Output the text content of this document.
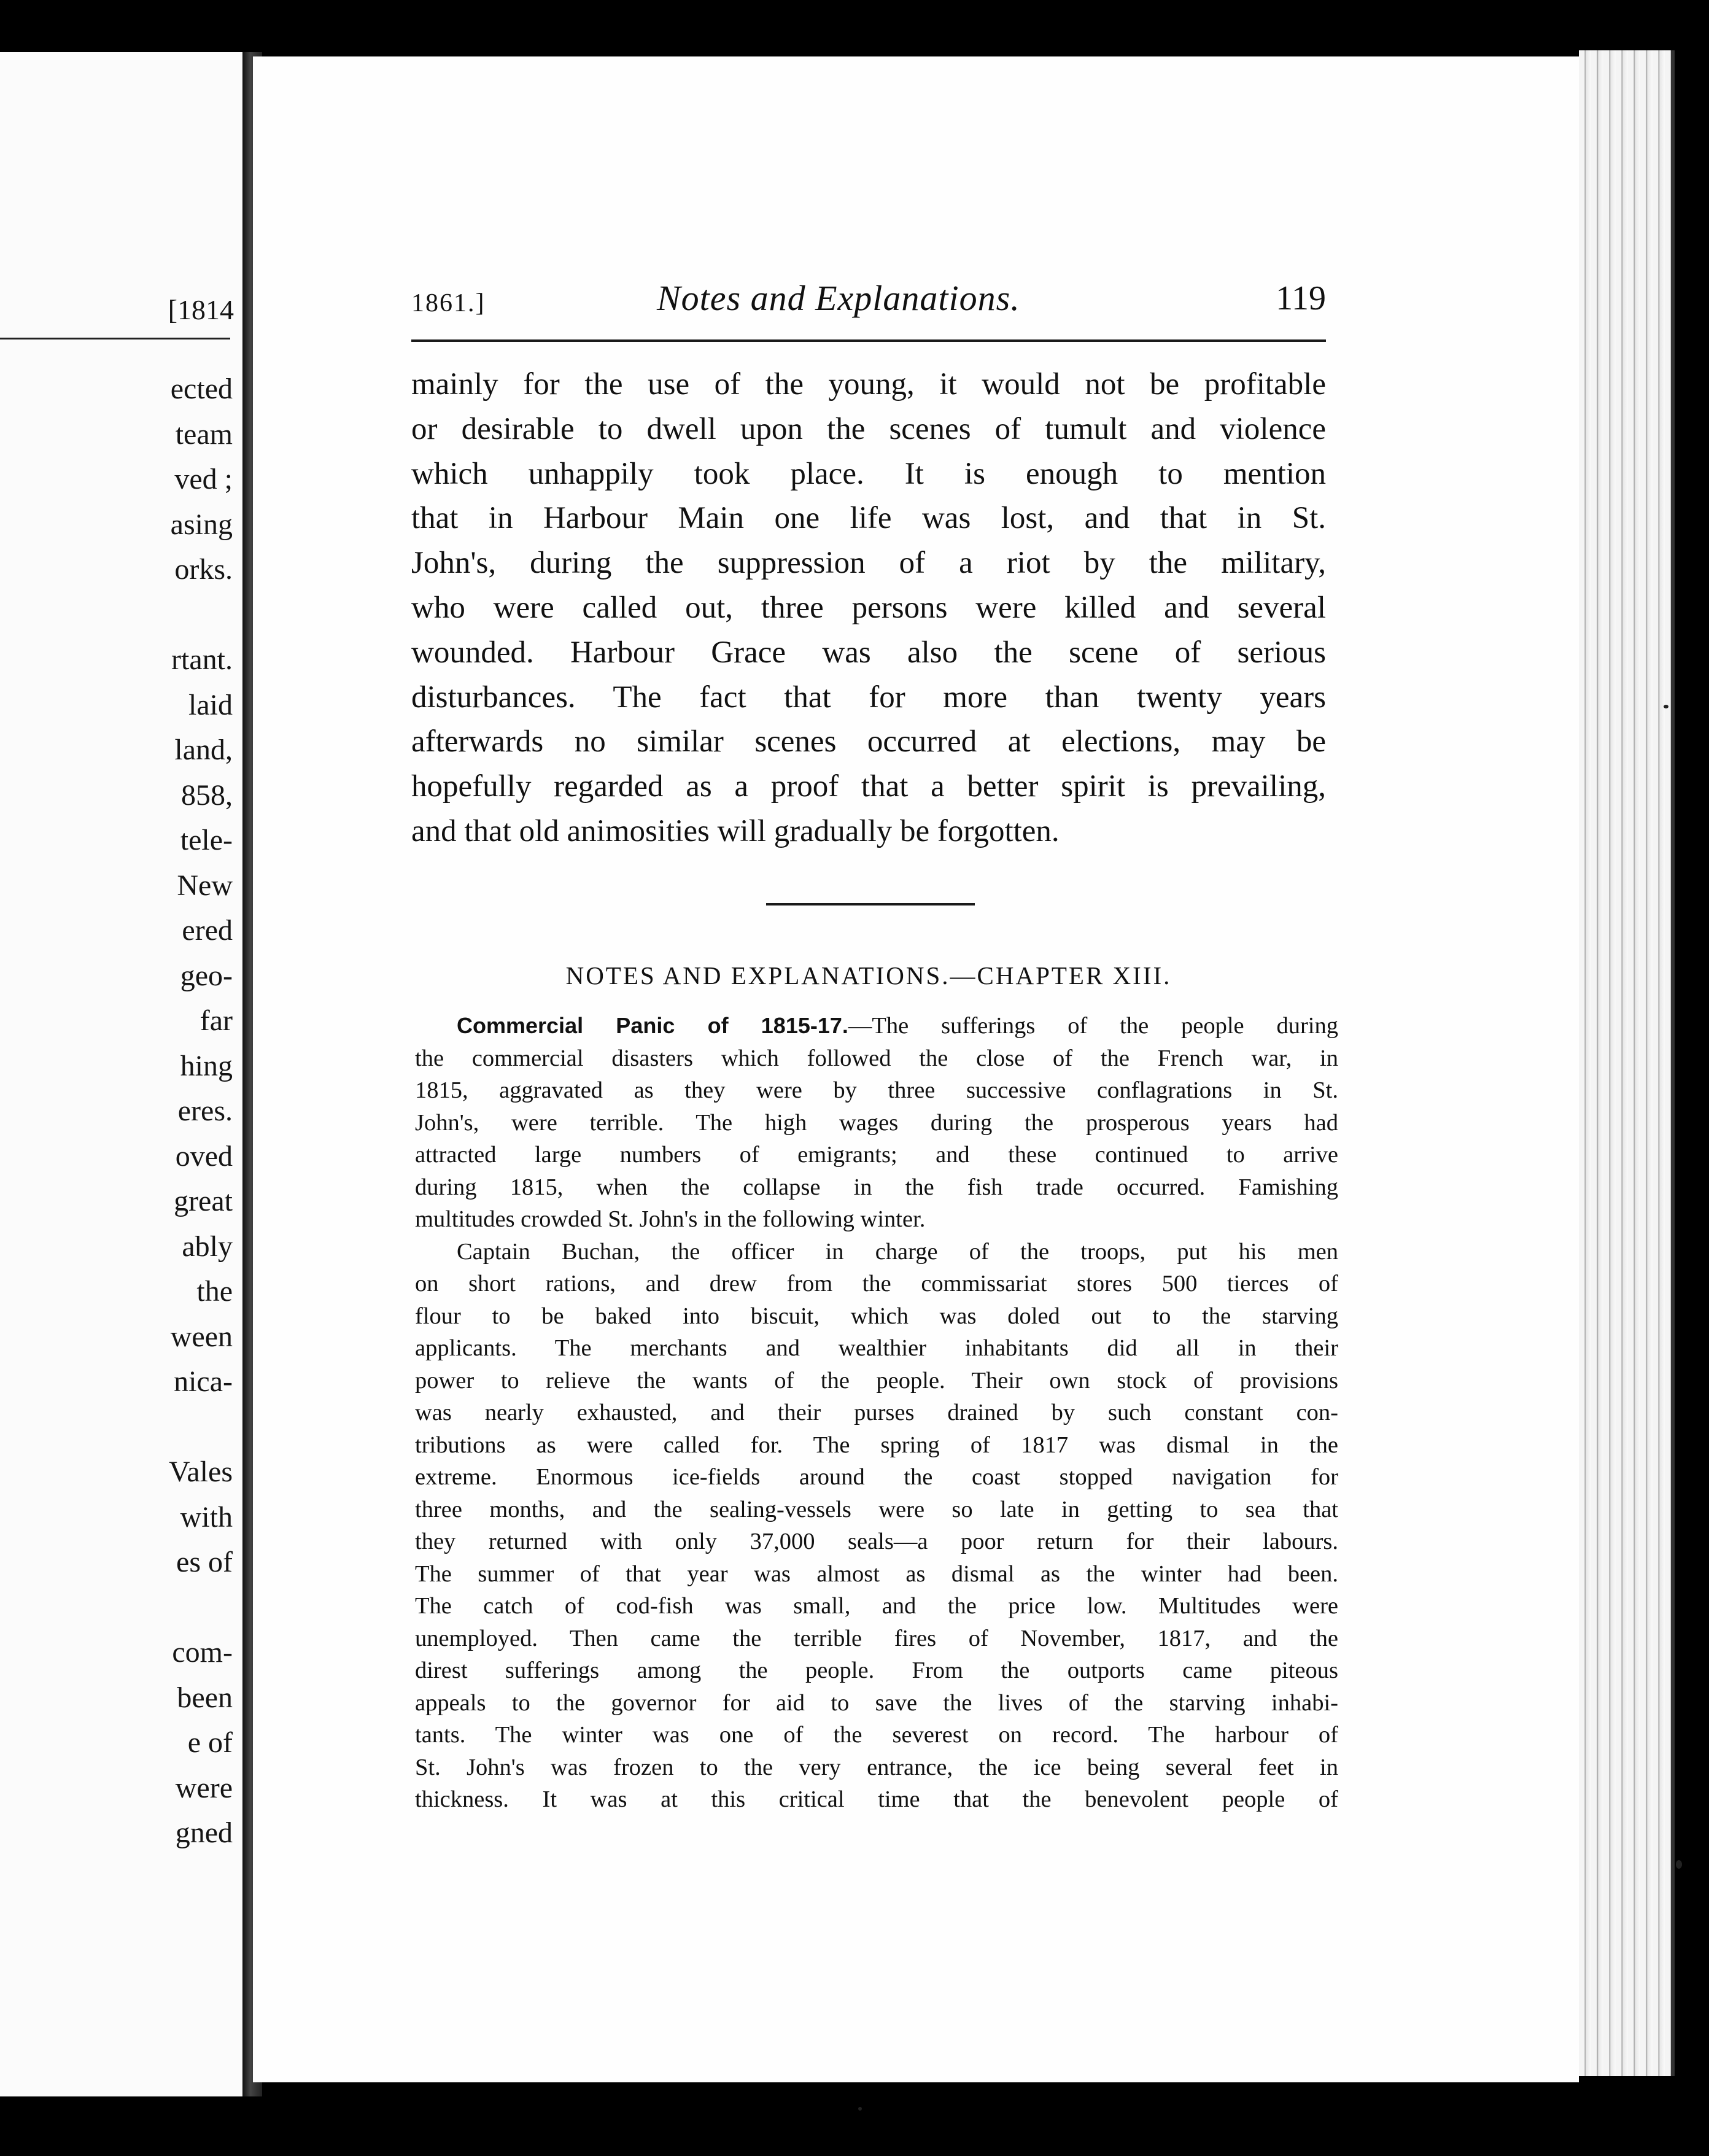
[1814
ected
team
ved ;
asing
orks.
rtant.
laid
land,
858,
tele-
New
ered
geo-
far
hing
eres.
oved
great
ably
the
ween
nica-
Vales
with
es of
com-
been
e of
were
gned
1861.]	Notes and Explanations.	119
mainly for the use of the young, it would not be profitable
or desirable to dwell upon the scenes of tumult and violence
which unhappily took place. It is enough to mention
that in Harbour Main one life was lost, and that in St.
John's, during the suppression of a riot by the military,
who were called out, three persons were killed and several
wounded. Harbour Grace was also the scene of serious
disturbances. The fact that for more than twenty years
afterwards no similar scenes occurred at elections, may be
hopefully regarded as a proof that a better spirit is prevailing,
and that old animosities will gradually be forgotten.
NOTES AND EXPLANATIONS.—CHAPTER XIII.
Commercial Panic of 1815-17.—The sufferings of the people during
the commercial disasters which followed the close of the French war, in
1815, aggravated as they were by three successive conflagrations in St.
John's, were terrible. The high wages during the prosperous years had
attracted large numbers of emigrants; and these continued to arrive
during 1815, when the collapse in the fish trade occurred. Famishing
multitudes crowded St. John's in the following winter.
Captain Buchan, the officer in charge of the troops, put his men
on short rations, and drew from the commissariat stores 500 tierces of
flour to be baked into biscuit, which was doled out to the starving
applicants. The merchants and wealthier inhabitants did all in their
power to relieve the wants of the people. Their own stock of provisions
was nearly exhausted, and their purses drained by such constant con-
tributions as were called for. The spring of 1817 was dismal in the
extreme. Enormous ice-fields around the coast stopped navigation for
three months, and the sealing-vessels were so late in getting to sea that
they returned with only 37,000 seals—a poor return for their labours.
The summer of that year was almost as dismal as the winter had been.
The catch of cod-fish was small, and the price low. Multitudes were
unemployed. Then came the terrible fires of November, 1817, and the
direst sufferings among the people. From the outports came piteous
appeals to the governor for aid to save the lives of the starving inhabi-
tants. The winter was one of the severest on record. The harbour of
St. John's was frozen to the very entrance, the ice being several feet in
thickness. It was at this critical time that the benevolent people of
